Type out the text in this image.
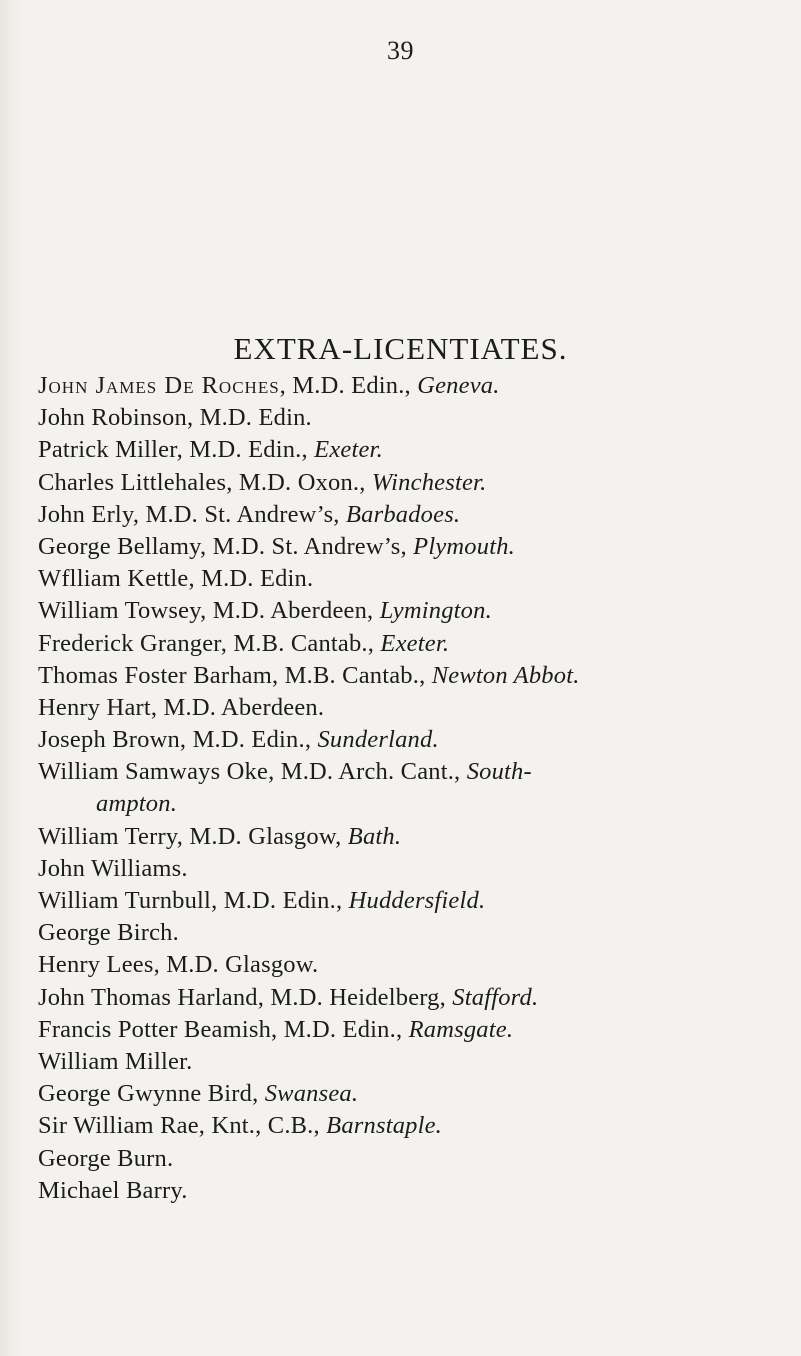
39
EXTRA-LICENTIATES.
John James De Roches, M.D. Edin., Geneva.
John Robinson, M.D. Edin.
Patrick Miller, M.D. Edin., Exeter.
Charles Littlehales, M.D. Oxon., Winchester.
John Erly, M.D. St. Andrew’s, Barbadoes.
George Bellamy, M.D. St. Andrew’s, Plymouth.
Wflliam Kettle, M.D. Edin.
William Towsey, M.D. Aberdeen, Lymington.
Frederick Granger, M.B. Cantab., Exeter.
Thomas Foster Barham, M.B. Cantab., Newton Abbot.
Henry Hart, M.D. Aberdeen.
Joseph Brown, M.D. Edin., Sunderland.
William Samways Oke, M.D. Arch. Cant., South-
ampton.
William Terry, M.D. Glasgow, Bath.
John Williams.
William Turnbull, M.D. Edin., Huddersfield.
George Birch.
Henry Lees, M.D. Glasgow.
John Thomas Harland, M.D. Heidelberg, Stafford.
Francis Potter Beamish, M.D. Edin., Ramsgate.
William Miller.
George Gwynne Bird, Swansea.
Sir William Rae, Knt., C.B., Barnstaple.
George Burn.
Michael Barry.
